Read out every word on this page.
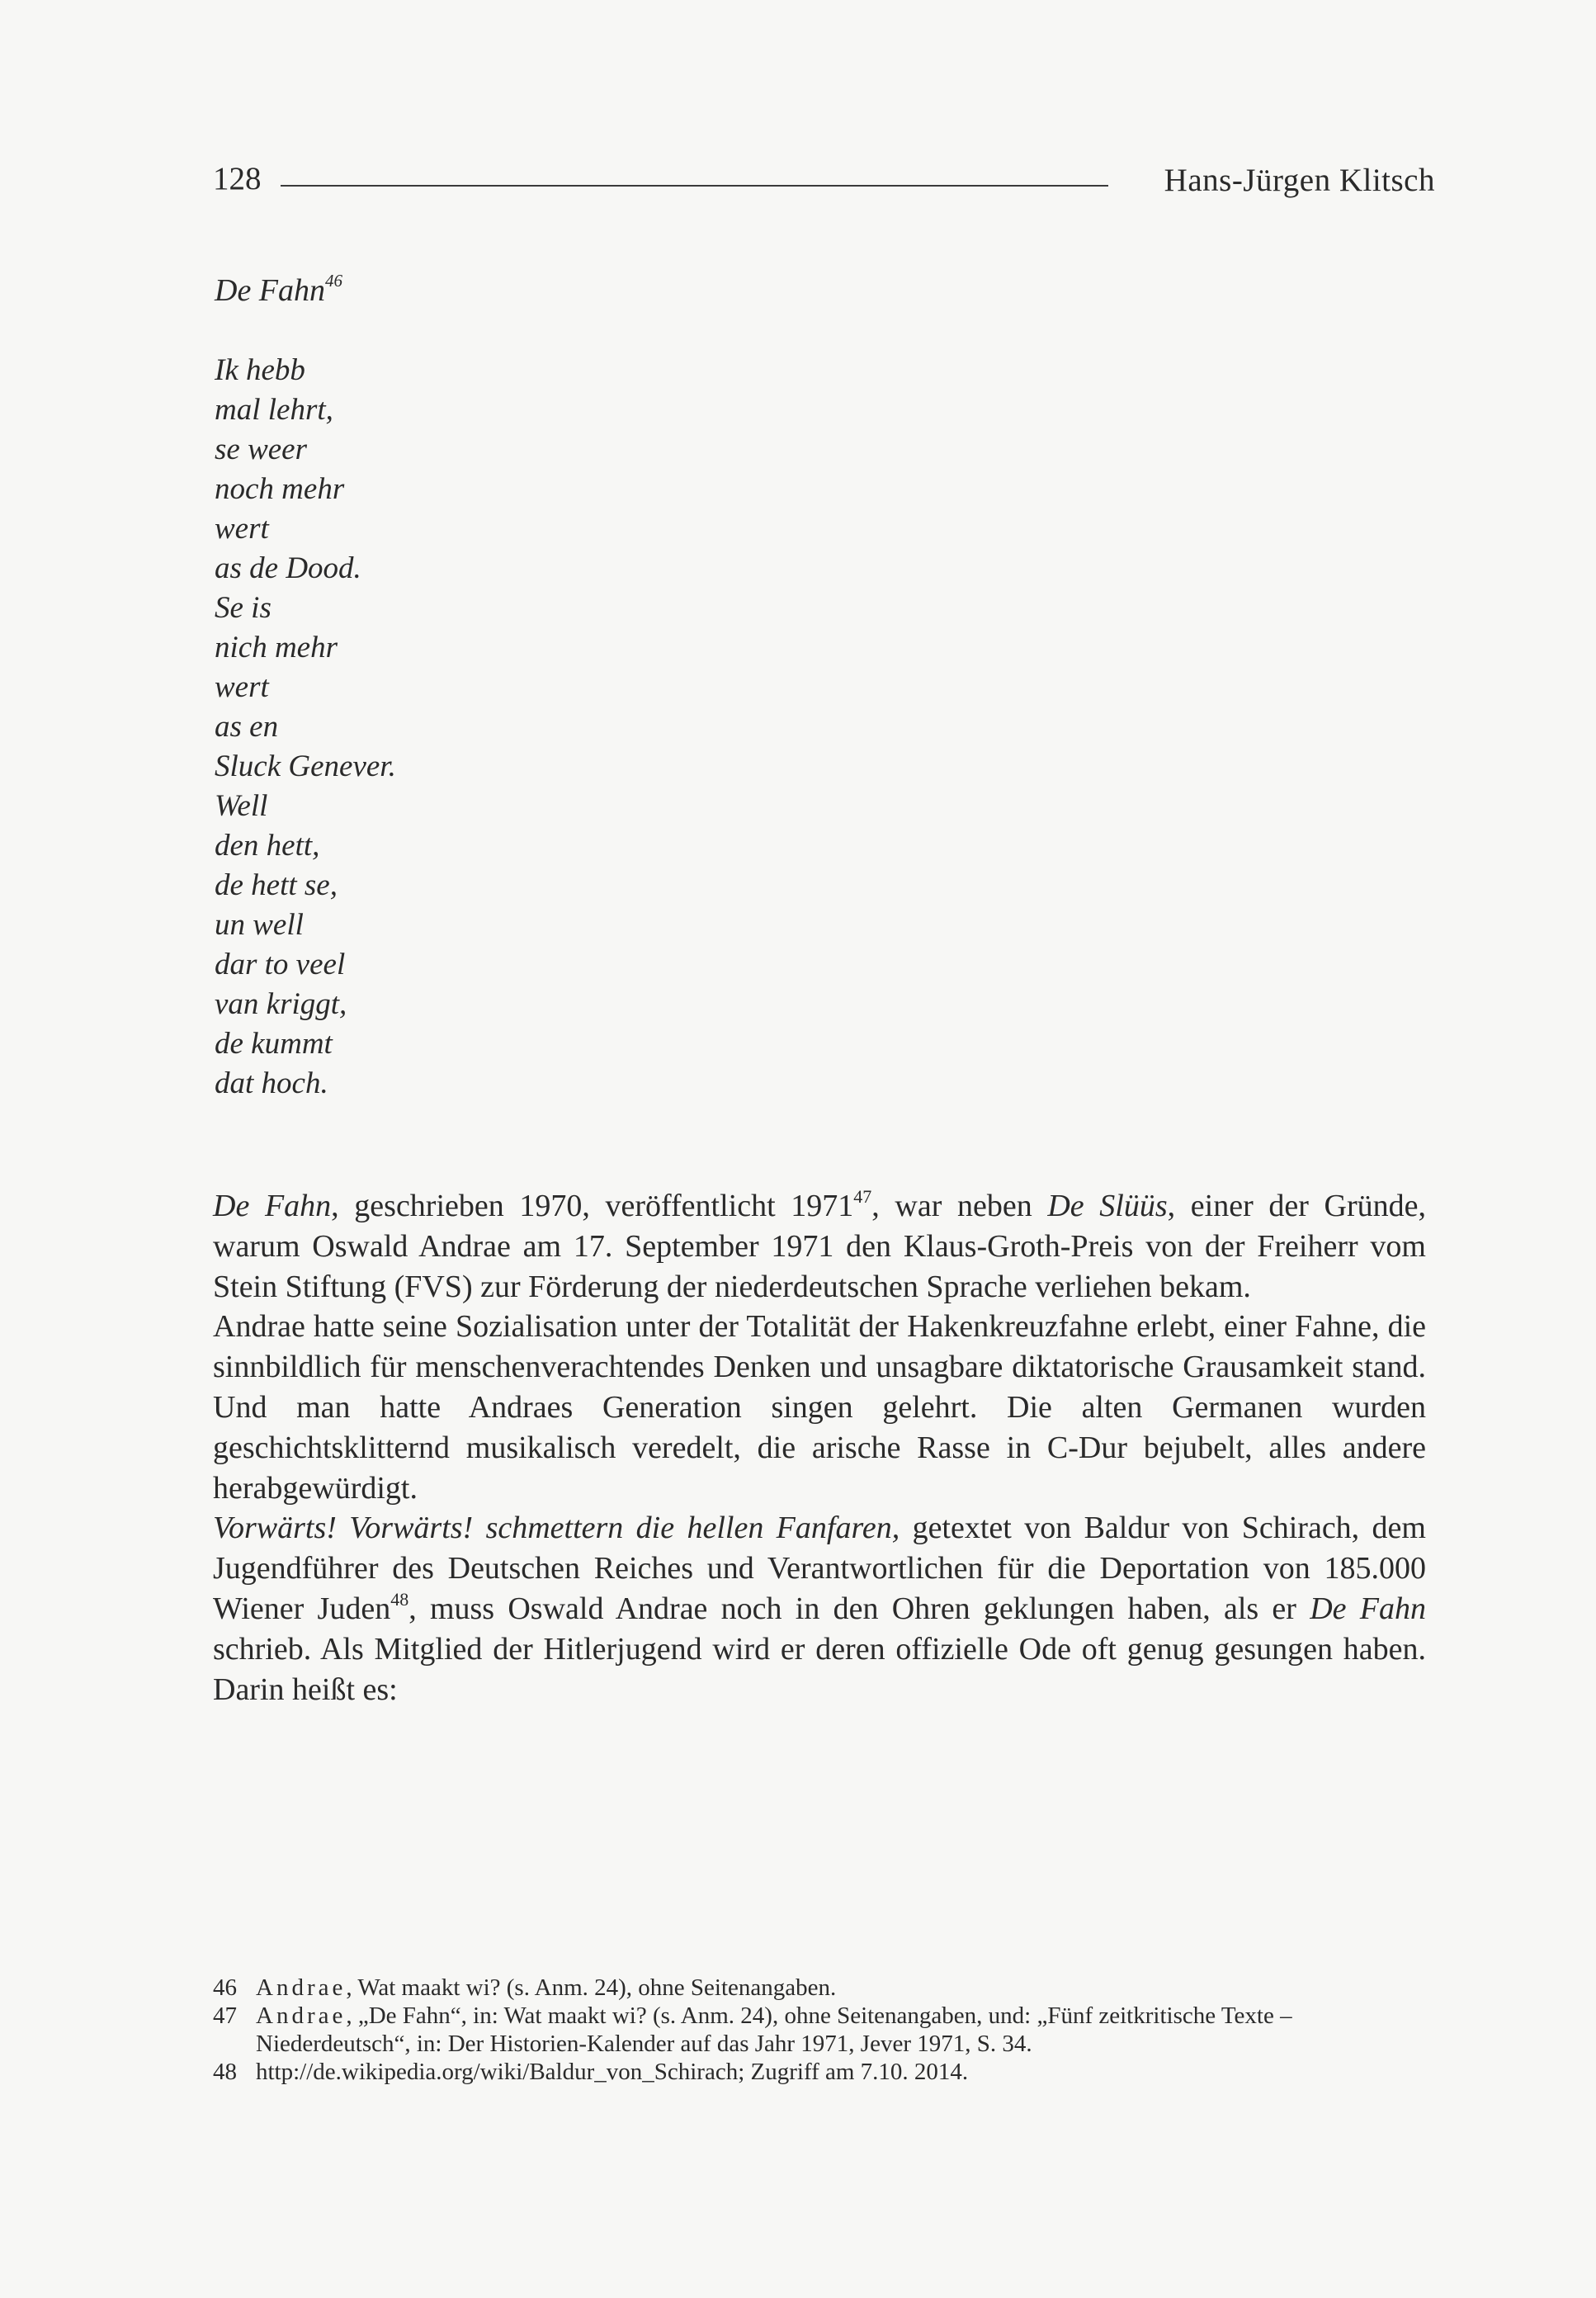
128	Hans-Jürgen Klitsch
De Fahn$^{46}$
Ik hebb
mal lehrt,
se weer
noch mehr
wert
as de Dood.
Se is
nich mehr
wert
as en
Sluck Genever.
Well
den hett,
de hett se,
un well
dar to veel
van kriggt,
de kummt
dat hoch.

De Fahn, geschrieben 1970, veröffentlicht 1971$^{47}$, war neben De Slüüs, einer der Gründe, warum Oswald Andrae am 17. September 1971 den Klaus-Groth-Preis von der Freiherr vom Stein Stiftung (FVS) zur Förderung der niederdeutschen Sprache verliehen bekam.

Andrae hatte seine Sozialisation unter der Totalität der Hakenkreuzfahne erlebt, einer Fahne, die sinnbildlich für menschenverachtendes Denken und unsagbare diktatorische Grausamkeit stand. Und man hatte Andraes Generation singen gelehrt. Die alten Germanen wurden geschichtsklitternd musikalisch veredelt, die arische Rasse in C-Dur bejubelt, alles andere herabgewürdigt.

Vorwärts! Vorwärts! schmettern die hellen Fanfaren, getextet von Baldur von Schirach, dem Jugendführer des Deutschen Reiches und Verantwortlichen für die Deportation von 185.000 Wiener Juden$^{48}$, muss Oswald Andrae noch in den Ohren geklungen haben, als er De Fahn schrieb. Als Mitglied der Hitlerjugend wird er deren offizielle Ode oft genug gesungen haben. Darin heißt es:

46 Andrae, Wat maakt wi? (s. Anm. 24), ohne Seitenangaben.
47 Andrae, „De Fahn“, in: Wat maakt wi? (s. Anm. 24), ohne Seitenangaben, und: „Fünf zeitkritische Texte – Niederdeutsch“, in: Der Historien-Kalender auf das Jahr 1971, Jever 1971, S. 34.
48 http://de.wikipedia.org/wiki/Baldur_von_Schirach; Zugriff am 7.10. 2014.
